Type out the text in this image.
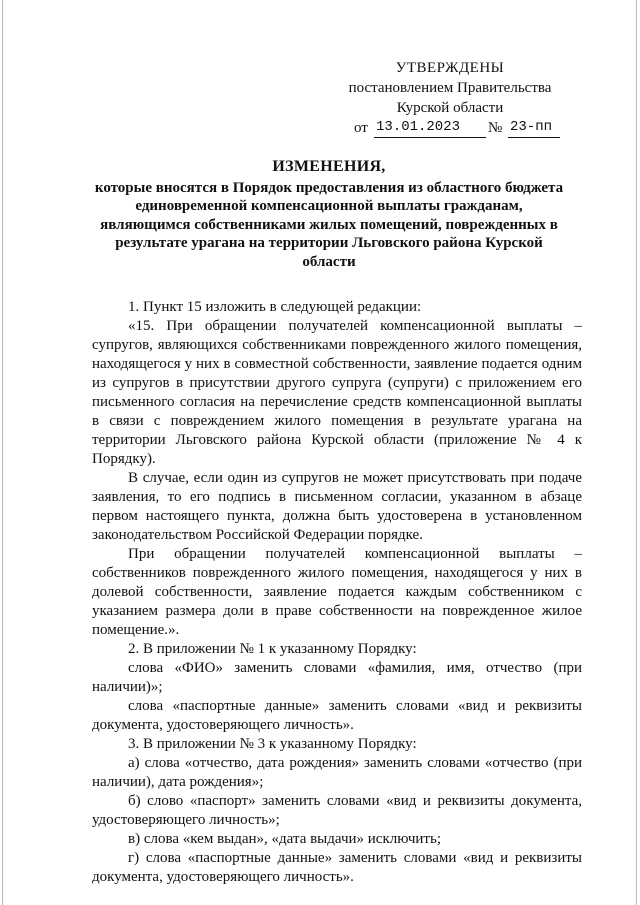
УТВЕРЖДЕНЫ
постановлением Правительства
Курской области
от 13.01.2023	№ 23-пп
ИЗМЕНЕНИЯ,
которые вносятся в Порядок предоставления из областного бюджета единовременной компенсационной выплаты гражданам, являющимся собственниками жилых помещений, поврежденных в результате урагана на территории Льговского района Курской области

1. Пункт 15 изложить в следующей редакции:

«15. При обращении получателей компенсационной выплаты – супругов, являющихся собственниками поврежденного жилого помещения, находящегося у них в совместной собственности, заявление подается одним из супругов в присутствии другого супруга (супруги) с приложением его письменного согласия на перечисление средств компенсационной выплаты в связи с повреждением жилого помещения в результате урагана на территории Льговского района Курской области (приложение № 4 к Порядку).

В случае, если один из супругов не может присутствовать при подаче заявления, то его подпись в письменном согласии, указанном в абзаце первом настоящего пункта, должна быть удостоверена в установленном законодательством Российской Федерации порядке.

При обращении получателей компенсационной выплаты – собственников поврежденного жилого помещения, находящегося у них в долевой собственности, заявление подается каждым собственником с указанием размера доли в праве собственности на поврежденное жилое помещение.».

2. В приложении № 1 к указанному Порядку:

слова «ФИО» заменить словами «фамилия, имя, отчество (при наличии)»;

слова «паспортные данные» заменить словами «вид и реквизиты документа, удостоверяющего личность».

3. В приложении № 3 к указанному Порядку:

а) слова «отчество, дата рождения» заменить словами «отчество (при наличии), дата рождения»;

б) слово «паспорт» заменить словами «вид и реквизиты документа, удостоверяющего личность»;

в) слова «кем выдан», «дата выдачи» исключить;

г) слова «паспортные данные» заменить словами «вид и реквизиты документа, удостоверяющего личность».
